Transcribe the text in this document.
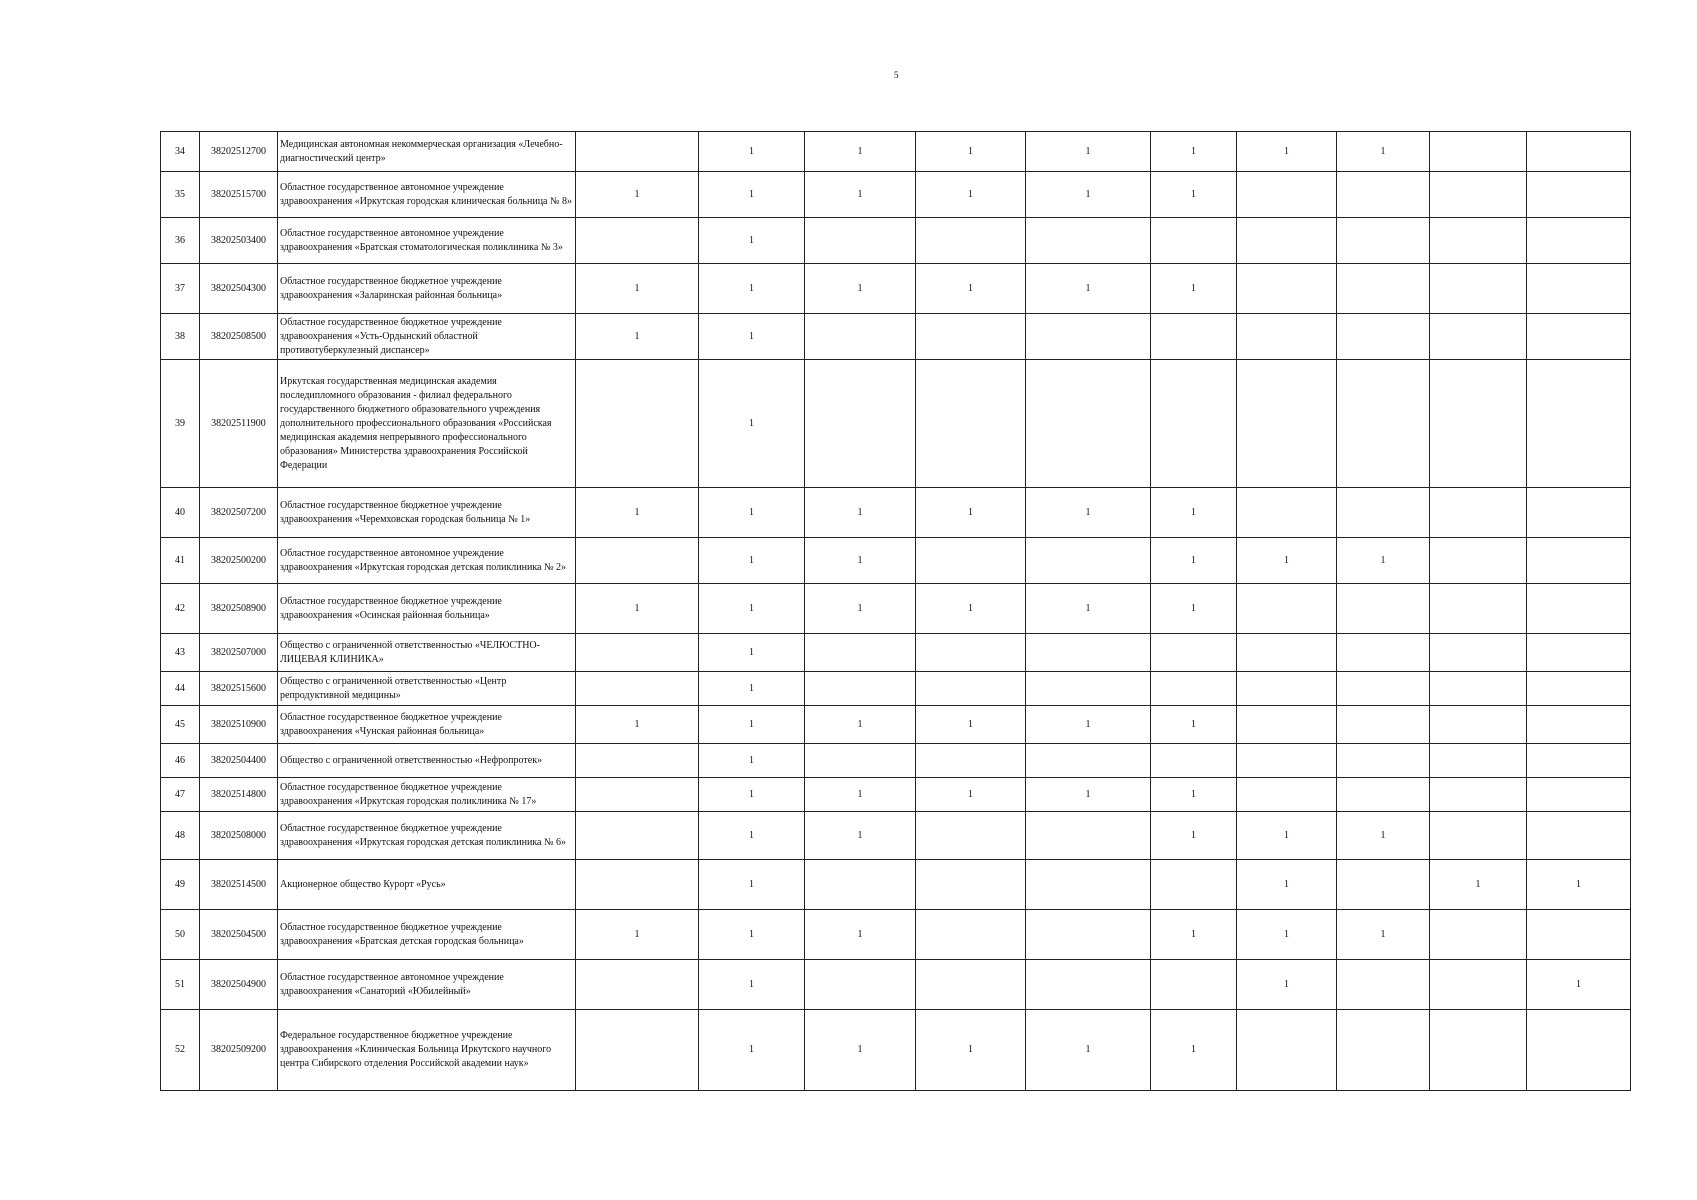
5
34	38202512700	Медицинская автономная некоммерческая организация «Лечебно-диагностический центр»		1	1	1	1	1	1	1		
35	38202515700	Областное государственное автономное учреждение здравоохранения «Иркутская городская клиническая больница № 8»	1	1	1	1	1	1				
36	38202503400	Областное государственное автономное учреждение здравоохранения «Братская стоматологическая поликлиника № 3»		1								
37	38202504300	Областное государственное бюджетное учреждение здравоохранения «Заларинская районная больница»	1	1	1	1	1	1				
38	38202508500	Областное государственное бюджетное учреждение здравоохранения «Усть-Ордынский областной противотуберкулезный диспансер»	1	1								
39	38202511900	Иркутская государственная медицинская академия последипломного образования - филиал федерального государственного бюджетного образовательного учреждения дополнительного профессионального образования «Российская медицинская академия непрерывного профессионального образования» Министерства здравоохранения Российской Федерации		1								
40	38202507200	Областное государственное бюджетное учреждение здравоохранения «Черемховская городская больница № 1»	1	1	1	1	1	1				
41	38202500200	Областное государственное автономное учреждение здравоохранения «Иркутская городская детская поликлиника № 2»		1	1			1	1	1		
42	38202508900	Областное государственное бюджетное учреждение здравоохранения «Осинская районная больница»	1	1	1	1	1	1				
43	38202507000	Общество с ограниченной ответственностью «ЧЕЛЮСТНО-ЛИЦЕВАЯ КЛИНИКА»		1								
44	38202515600	Общество с ограниченной ответственностью «Центр репродуктивной медицины»		1								
45	38202510900	Областное государственное бюджетное учреждение здравоохранения «Чунская районная больница»	1	1	1	1	1	1				
46	38202504400	Общество с ограниченной ответственностью «Нефропротек»		1								
47	38202514800	Областное государственное бюджетное учреждение здравоохранения «Иркутская городская поликлиника № 17»		1	1	1	1	1				
48	38202508000	Областное государственное бюджетное учреждение здравоохранения «Иркутская городская детская поликлиника № 6»		1	1			1	1	1		
49	38202514500	Акционерное общество Курорт «Русь»		1					1		1	1
50	38202504500	Областное государственное бюджетное учреждение здравоохранения «Братская детская городская больница»	1	1	1			1	1	1		
51	38202504900	Областное государственное автономное учреждение здравоохранения «Санаторий «Юбилейный»		1					1			1
52	38202509200	Федеральное государственное бюджетное учреждение здравоохранения «Клиническая Больница Иркутского научного центра Сибирского отделения Российской академии наук»		1	1	1	1	1				
